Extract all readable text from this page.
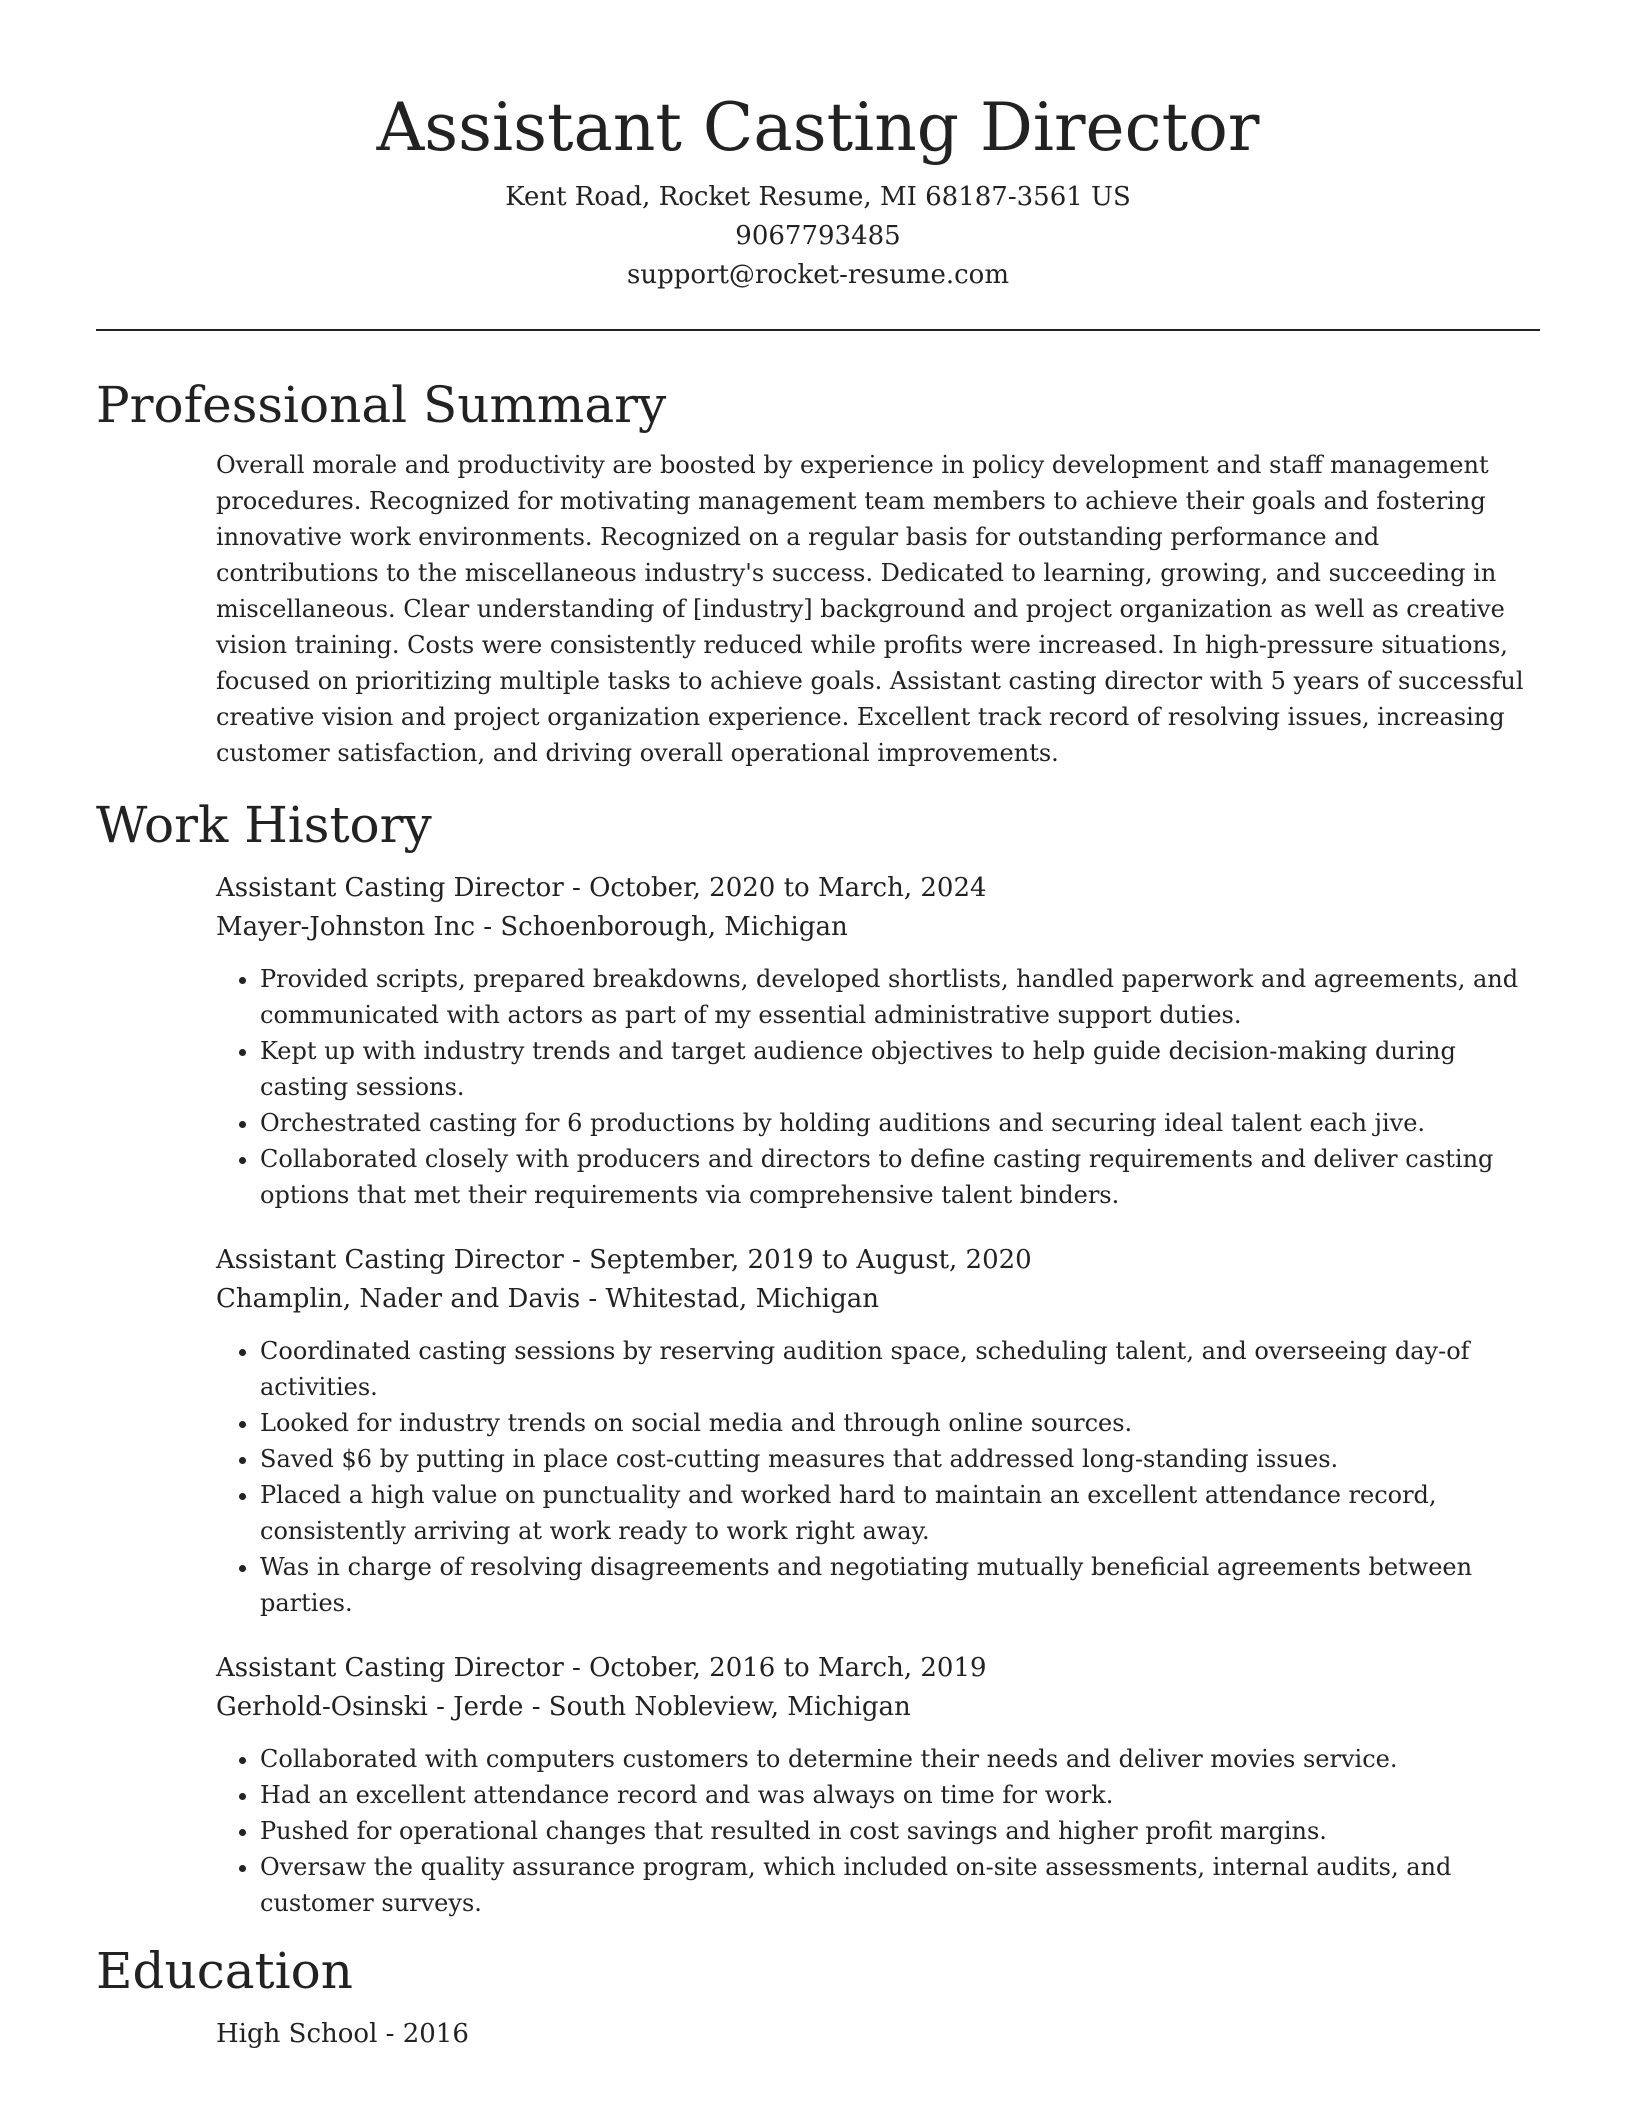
Assistant Casting Director

Kent Road, Rocket Resume, MI 68187-3561 US

9067793485

support@rocket-resume.com

Professional Summary

Overall morale and productivity are boosted by experience in policy development and staff management procedures. Recognized for motivating management team members to achieve their goals and fostering innovative work environments. Recognized on a regular basis for outstanding performance and contributions to the miscellaneous industry's success. Dedicated to learning, growing, and succeeding in miscellaneous. Clear understanding of [industry] background and project organization as well as creative vision training. Costs were consistently reduced while profits were increased. In high-pressure situations, focused on prioritizing multiple tasks to achieve goals. Assistant casting director with 5 years of successful creative vision and project organization experience. Excellent track record of resolving issues, increasing customer satisfaction, and driving overall operational improvements.

Work History

Assistant Casting Director - October, 2020 to March, 2024

Mayer-Johnston Inc - Schoenborough, Michigan

• Provided scripts, prepared breakdowns, developed shortlists, handled paperwork and agreements, and communicated with actors as part of my essential administrative support duties.
• Kept up with industry trends and target audience objectives to help guide decision-making during casting sessions.
• Orchestrated casting for 6 productions by holding auditions and securing ideal talent each jive.
• Collaborated closely with producers and directors to define casting requirements and deliver casting options that met their requirements via comprehensive talent binders.

Assistant Casting Director - September, 2019 to August, 2020

Champlin, Nader and Davis - Whitestad, Michigan

• Coordinated casting sessions by reserving audition space, scheduling talent, and overseeing day-of activities.
• Looked for industry trends on social media and through online sources.
• Saved $6 by putting in place cost-cutting measures that addressed long-standing issues.
• Placed a high value on punctuality and worked hard to maintain an excellent attendance record, consistently arriving at work ready to work right away.
• Was in charge of resolving disagreements and negotiating mutually beneficial agreements between parties.

Assistant Casting Director - October, 2016 to March, 2019

Gerhold-Osinski - Jerde - South Nobleview, Michigan

• Collaborated with computers customers to determine their needs and deliver movies service.
• Had an excellent attendance record and was always on time for work.
• Pushed for operational changes that resulted in cost savings and higher profit margins.
• Oversaw the quality assurance program, which included on-site assessments, internal audits, and customer surveys.
Education

High School - 2016
